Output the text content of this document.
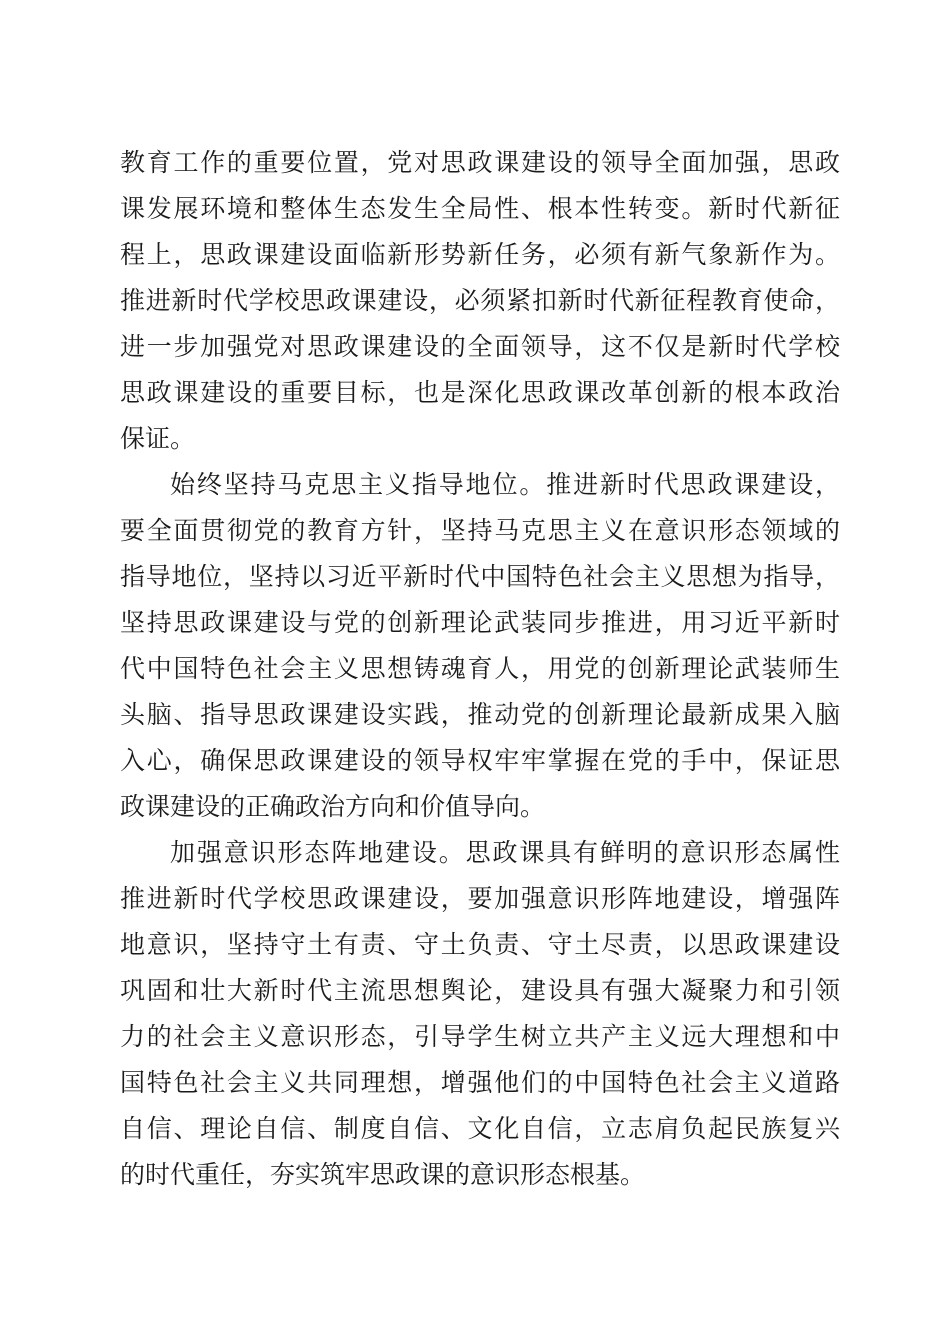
教育工作的重要位置，党对思政课建设的领导全面加强，思政
课发展环境和整体生态发生全局性、根本性转变。新时代新征
程上，思政课建设面临新形势新任务，必须有新气象新作为。
推进新时代学校思政课建设，必须紧扣新时代新征程教育使命，
进一步加强党对思政课建设的全面领导，这不仅是新时代学校
思政课建设的重要目标，也是深化思政课改革创新的根本政治
保证。
始终坚持马克思主义指导地位。推进新时代思政课建设，
要全面贯彻党的教育方针，坚持马克思主义在意识形态领域的
指导地位，坚持以习近平新时代中国特色社会主义思想为指导，
坚持思政课建设与党的创新理论武装同步推进，用习近平新时
代中国特色社会主义思想铸魂育人，用党的创新理论武装师生
头脑、指导思政课建设实践，推动党的创新理论最新成果入脑
入心，确保思政课建设的领导权牢牢掌握在党的手中，保证思
政课建设的正确政治方向和价值导向。
加强意识形态阵地建设。思政课具有鲜明的意识形态属性
推进新时代学校思政课建设，要加强意识形阵地建设，增强阵
地意识，坚持守土有责、守土负责、守土尽责，以思政课建设
巩固和壮大新时代主流思想舆论，建设具有强大凝聚力和引领
力的社会主义意识形态，引导学生树立共产主义远大理想和中
国特色社会主义共同理想，增强他们的中国特色社会主义道路
自信、理论自信、制度自信、文化自信，立志肩负起民族复兴
的时代重任，夯实筑牢思政课的意识形态根基。
